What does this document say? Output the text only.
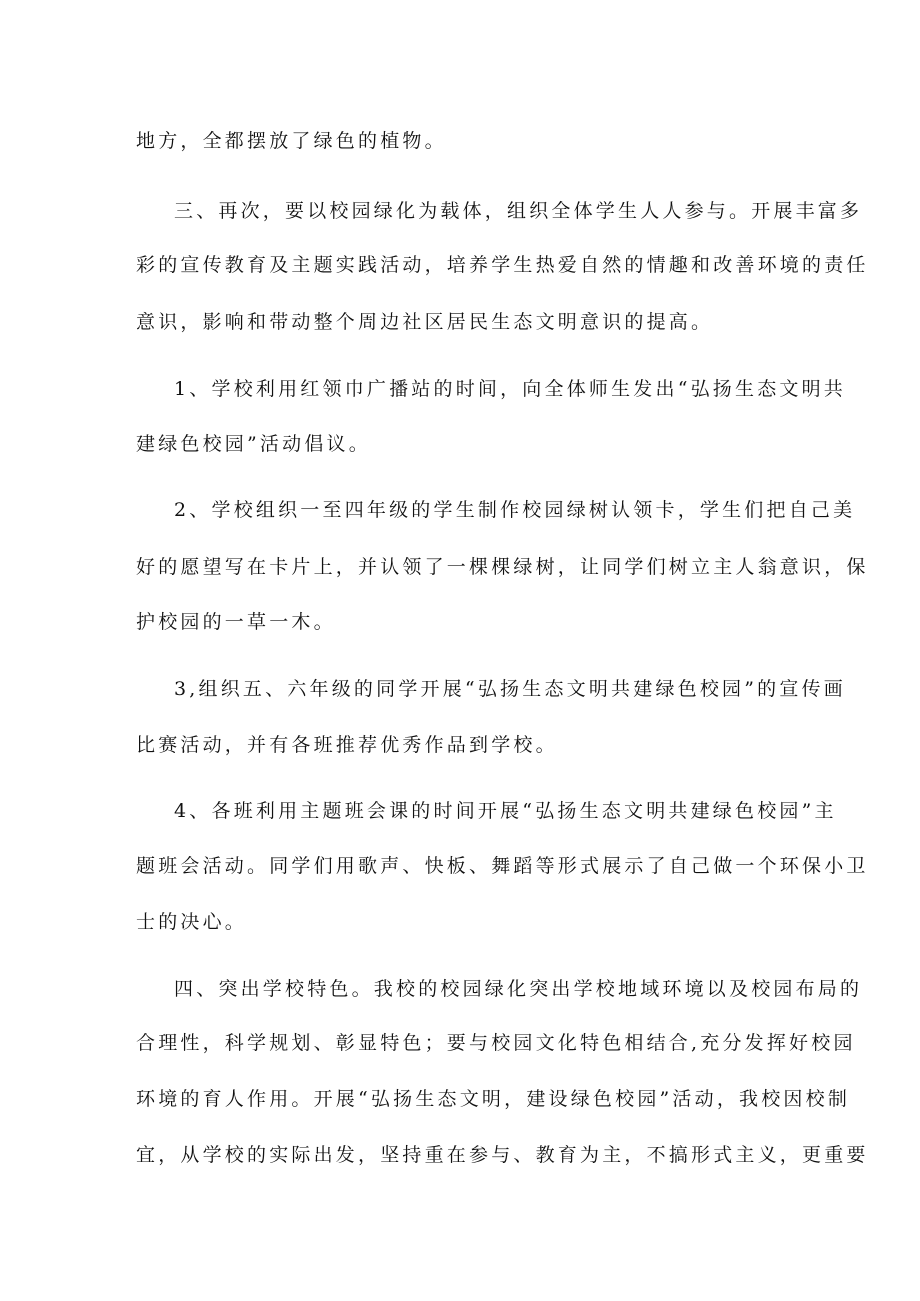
地方，全都摆放了绿色的植物。
三、再次，要以校园绿化为载体，组织全体学生人人参与。开展丰富多
彩的宣传教育及主题实践活动，培养学生热爱自然的情趣和改善环境的责任
意识，影响和带动整个周边社区居民生态文明意识的提高。
1、学校利用红领巾广播站的时间，向全体师生发出“弘扬生态文明共
建绿色校园”活动倡议。
2、学校组织一至四年级的学生制作校园绿树认领卡，学生们把自己美
好的愿望写在卡片上，并认领了一棵棵绿树，让同学们树立主人翁意识，保
护校园的一草一木。
3,组织五、六年级的同学开展“弘扬生态文明共建绿色校园”的宣传画
比赛活动，并有各班推荐优秀作品到学校。
4、各班利用主题班会课的时间开展“弘扬生态文明共建绿色校园”主
题班会活动。同学们用歌声、快板、舞蹈等形式展示了自己做一个环保小卫
士的决心。
四、突出学校特色。我校的校园绿化突出学校地域环境以及校园布局的
合理性，科学规划、彰显特色；要与校园文化特色相结合,充分发挥好校园
环境的育人作用。开展“弘扬生态文明，建设绿色校园”活动，我校因校制
宜，从学校的实际出发，坚持重在参与、教育为主，不搞形式主义，更重要
